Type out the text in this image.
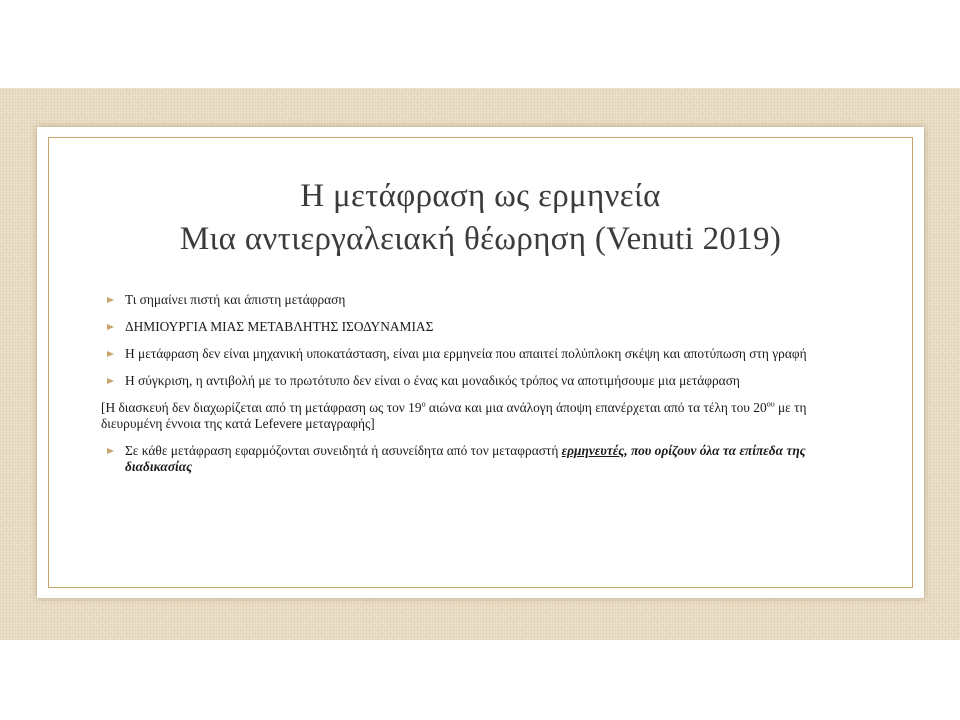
Η μετάφραση ως ερμηνεία
Μια αντιεργαλειακή θέωρηση (Venuti 2019)
Τι σημαίνει πιστή και άπιστη μετάφραση
ΔΗΜΙΟΥΡΓΙΑ ΜΙΑΣ ΜΕΤΑΒΛΗΤΗΣ ΙΣΟΔΥΝΑΜΙΑΣ
Η μετάφραση δεν είναι μηχανική υποκατάσταση, είναι μια ερμηνεία που απαιτεί πολύπλοκη σκέψη και αποτύπωση στη γραφή
Η σύγκριση, η αντιβολή με το πρωτότυπο δεν είναι ο ένας και μοναδικός τρόπος να αποτιμήσουμε μια μετάφραση
[Η διασκευή δεν διαχωρίζεται από τη μετάφραση ως τον $19^o$ αιώνα και μια ανάλογη άποψη επανέρχεται από τα τέλη του $20^{o\upsilon}$ με τη διευρυμένη έννοια της κατά Lefevere μεταγραφής]
Σε κάθε μετάφραση εφαρμόζονται συνειδητά ή ασυνείδητα από τον μεταφραστή ερμηνευτές, που ορίζουν όλα τα επίπεδα της διαδικασίας
